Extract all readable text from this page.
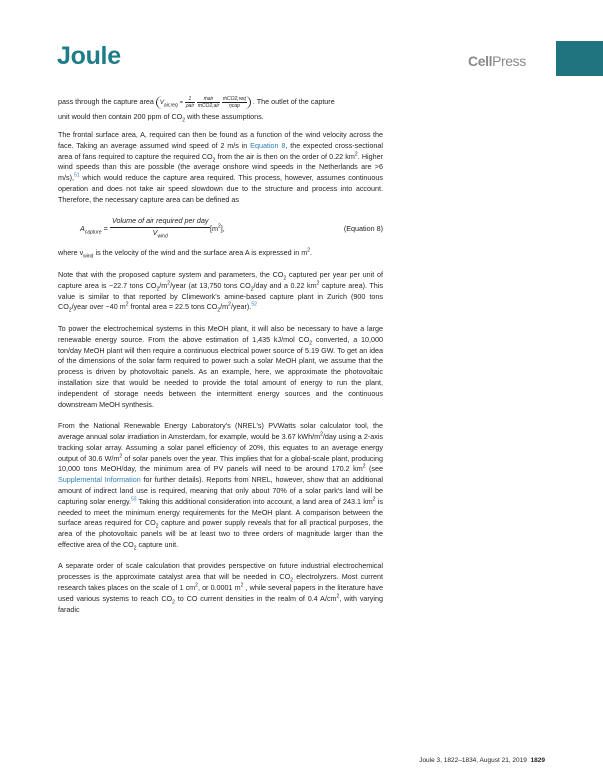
Joule	CellPress
pass through the capture area	$V_{air,req} = \frac{1}{\text{ρair}}$
$\frac{\text{ṁair}}{\text{mCO2,air}}$
$\frac{\text{ṁCO2,req}}{\text{ηcap}}$ . The outlet of the capture
unit would then contain 200 ppm of $CO_2$ with these assumptions.

The frontal surface area, A, required can then be found as a function of the wind velocity across the face. Taking an average assumed wind speed of 2 m/s in Equation 8, the expected cross-sectional area of fans required to capture the required $CO_2$ from the air is then on the order of 0.22 $km^2$. Higher wind speeds than this are possible (the average onshore wind speeds in the Netherlands are >6 m/s),$^{51}$ which would reduce the capture area required. This process, however, assumes continuous operation and does not take air speed slowdown due to the structure and process into account. Therefore, the necessary capture area can be defined as

$A_{capture}$ =
Volume of air required per day
$V_{wind}$
$[m^2]$,	(Equation 8)

where $v_{wind}$ is the velocity of the wind and the surface area A is expressed in $m^2$.

Note that with the proposed capture system and parameters, the $CO_2$ captured per year per unit of capture area is ~22.7 tons $CO_2/m^2$/year (at 13,750 tons $CO_2$/day and a 0.22 $km^2$ capture area). This value is similar to that reported by Climework's amine-based capture plant in Zurich (900 tons $CO_2$/year over ~40 $m^2$ frontal area = 22.5 tons $CO_2/m^2/year).^{52}$

To power the electrochemical systems in this MeOH plant, it will also be necessary to have a large renewable energy source. From the above estimation of 1,435 kJ/mol $CO_2$ converted, a 10,000 ton/day MeOH plant will then require a continuous electrical power source of 5.19 GW. To get an idea of the dimensions of the solar farm required to power such a solar MeOH plant, we assume that the process is driven by photovoltaic panels. As an example, here, we approximate the photovoltaic installation size that would be needed to provide the total amount of energy to run the plant, independent of storage needs between the intermittent energy sources and the continuous downstream MeOH synthesis.

From the National Renewable Energy Laboratory's (NREL's) PVWatts solar calculator tool, the average annual solar irradiation in Amsterdam, for example, would be 3.67 kWh/$m^2$/day using a 2-axis tracking solar array. Assuming a solar panel efficiency of 20%, this equates to an average energy output of 30.6 $W/m^2$ of solar panels over the year. This implies that for a global-scale plant, producing 10,000 tons MeOH/day, the minimum area of PV panels will need to be around 170.2 $km^2$ (see Supplemental Information for further details). Reports from NREL, however, show that an additional amount of indirect land use is required, meaning that only about 70% of a solar park's land will be capturing solar energy.$^{53}$ Taking this additional consideration into account, a land area of 243.1 $km^2$ is needed to meet the minimum energy requirements for the MeOH plant. A comparison between the surface areas required for $CO_2$ capture and power supply reveals that for all practical purposes, the area of the photovoltaic panels will be at least two to three orders of magnitude larger than the effective area of the $CO_2$ capture unit.

A separate order of scale calculation that provides perspective on future industrial electrochemical processes is the approximate catalyst area that will be needed in $CO_2$ electrolyzers. Most current research takes places on the scale of 1 $cm^2$, or 0.0001 $m^2$ , while several papers in the literature have used various systems to reach $CO_2$ to CO current densities in the realm of 0.4 $A/cm^2$, with varying faradic

Joule 3, 1822–1834, August 21, 2019 1829
